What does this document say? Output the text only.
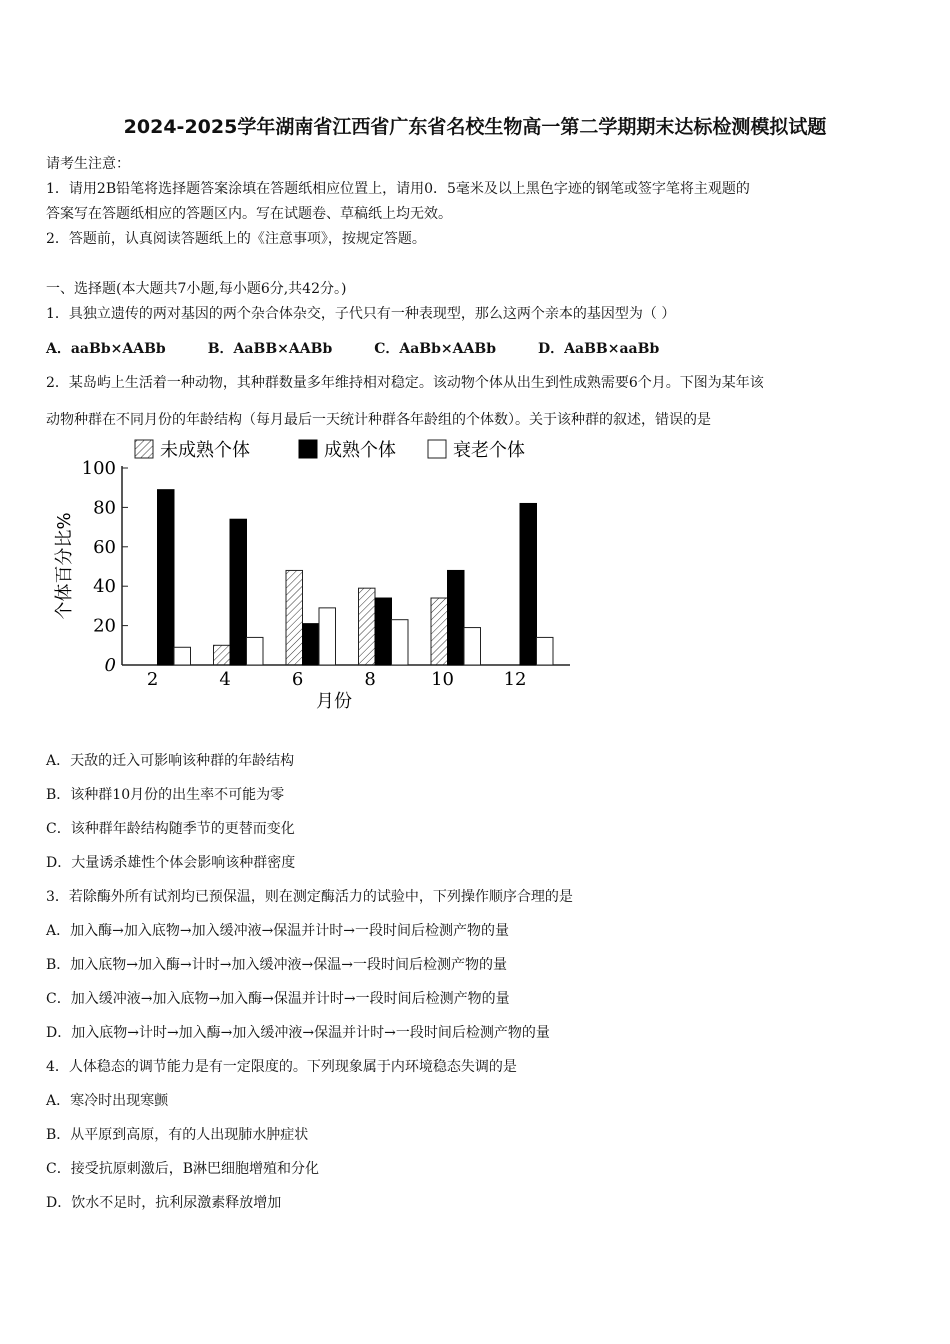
2024-2025学年湖南省江西省广东省名校生物高一第二学期期末达标检测模拟试题
请考生注意：
1．请用2B铅笔将选择题答案涂填在答题纸相应位置上，请用0．5毫米及以上黑色字迹的钢笔或签字笔将主观题的
答案写在答题纸相应的答题区内。写在试题卷、草稿纸上均无效。
2．答题前，认真阅读答题纸上的《注意事项》，按规定答题。
一、选择题(本大题共7小题,每小题6分,共42分。)
1．具独立遗传的两对基因的两个杂合体杂交，子代只有一种表现型，那么这两个亲本的基因型为（ ）
A．aaBb×AABb	B．AaBB×AABb	C．AaBb×AABb	D．AaBB×aaBb
2．某岛屿上生活着一种动物，其种群数量多年维持相对稳定。该动物个体从出生到性成熟需要6个月。下图为某年该
动物种群在不同月份的年龄结构（每月最后一天统计种群各年龄组的个体数）。关于该种群的叙述，错误的是
未成熟个体	成熟个体	衰老个体
0
20
40
60
80
100
个体百分比%
月份
2	4	6	8	10	12
A．天敌的迁入可影响该种群的年龄结构
B．该种群10月份的出生率不可能为零
C．该种群年龄结构随季节的更替而变化
D．大量诱杀雄性个体会影响该种群密度
3．若除酶外所有试剂均已预保温，则在测定酶活力的试验中，下列操作顺序合理的是
A．加入酶→加入底物→加入缓冲液→保温并计时→一段时间后检测产物的量
B．加入底物→加入酶→计时→加入缓冲液→保温→一段时间后检测产物的量
C．加入缓冲液→加入底物→加入酶→保温并计时→一段时间后检测产物的量
D．加入底物→计时→加入酶→加入缓冲液→保温并计时→一段时间后检测产物的量
4．人体稳态的调节能力是有一定限度的。下列现象属于内环境稳态失调的是
A．寒冷时出现寒颤
B．从平原到高原，有的人出现肺水肿症状
C．接受抗原刺激后，B淋巴细胞增殖和分化
D．饮水不足时，抗利尿激素释放增加
